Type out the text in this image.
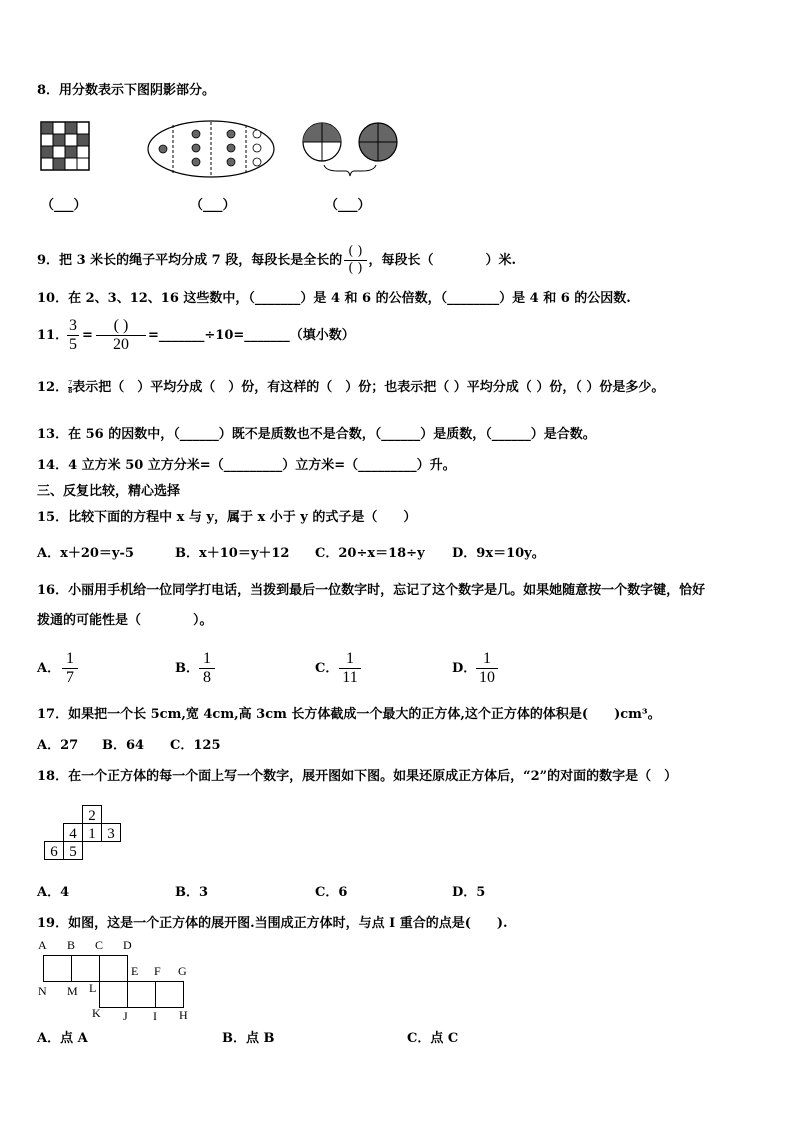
8．用分数表示下图阴影部分。
（___）	（___）	（___）
9．把 3 米长的绳子平均分成 7 段，每段长是全长的
( )
( )
，每段长（　　　　）米.
10．在 2、3、12、16 这些数中，（_______）是 4 和 6 的公倍数，（________）是 4 和 6 的公因数.
11．
$\frac{3}{5}$ =
( )
20
=_______÷10=_______（填小数）
12． $\frac{7}{8}$ 表示把（　）平均分成（　）份，有这样的（　）份；也表示把（ ）平均分成（ ）份，（ ）份是多少。
13．在 56 的因数中，（______）既不是质数也不是合数，（______）是质数，（______）是合数。
14．4 立方米 50 立方分米=（_________）立方米=（_________）升。
三、反复比较，精心选择
15．比较下面的方程中 x 与 y，属于 x 小于 y 的式子是（　　）
A．x＋20＝y-5	B．x＋10＝y＋12 C．20÷x＝18÷y D．9x＝10y。
16．小丽用手机给一位同学打电话，当拨到最后一位数字时，忘记了这个数字是几。如果她随意按一个数字键，恰好
拨通的可能性是（　　　　）。
A． $\frac{1}{7}$	B． $\frac{1}{8}$	C． $\frac{1}{11}$	D． $\frac{1}{10}$
17．如果把一个长 5cm,宽 4cm,高 3cm 长方体截成一个最大的正方体,这个正方体的体积是(　　)cm³。
A．27 B．64 C．125
18．在一个正方体的每一个面上写一个数字，展开图如下图。如果还原成正方体后，“2”的对面的数字是（　）
2
4 1 3
6 5
A．4	B．3	C．6	D．5
19．如图，这是一个正方体的展开图.当围成正方体时，与点 I 重合的点是(　　).
A B C D
E F G
N M L
K J I H
A．点 A	B．点 B	C．点 C
